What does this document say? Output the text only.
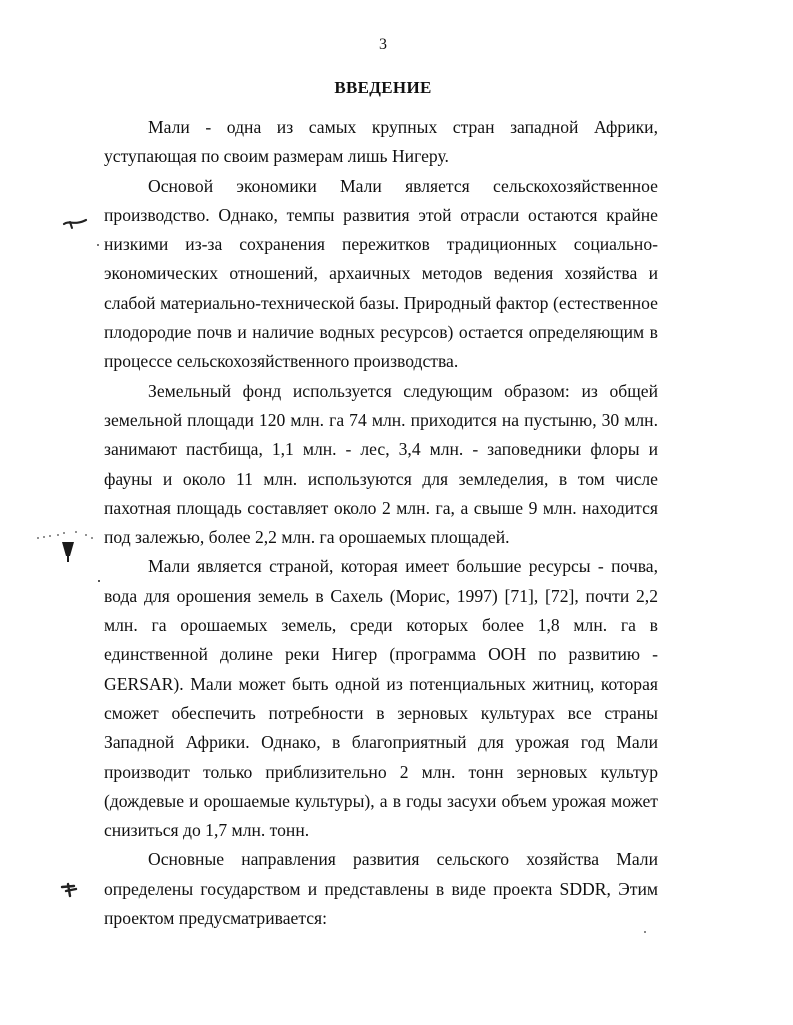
3
ВВЕДЕНИЕ

Мали - одна из самых крупных стран западной Африки, уступающая по своим размерам лишь Нигеру.

Основой экономики Мали является сельскохозяйственное производство. Однако, темпы развития этой отрасли остаются крайне низкими из-за сохранения пережитков традиционных социально-экономических отношений, архаичных методов ведения хозяйства и слабой материально-технической базы. Природный фактор (естественное плодородие почв и наличие водных ресурсов) остается определяющим в процессе сельскохозяйственного производства.

Земельный фонд используется следующим образом: из общей земельной площади 120 млн. га 74 млн. приходится на пустыню, 30 млн. занимают пастбища, 1,1 млн. - лес, 3,4 млн. - заповедники флоры и фауны и около 11 млн. используются для земледелия, в том числе пахотная площадь составляет около 2 млн. га, а свыше 9 млн. находится под залежью, более 2,2 млн. га орошаемых площадей.

Мали является страной, которая имеет большие ресурсы - почва, вода для орошения земель в Сахель (Морис, 1997) [71], [72], почти 2,2 млн. га орошаемых земель, среди которых более 1,8 млн. га в единственной долине реки Нигер (программа ООН по развитию - GERSAR). Мали может быть одной из потенциальных житниц, которая сможет обеспечить потребности в зерновых культурах все страны Западной Африки. Однако, в благоприятный для урожая год Мали производит только приблизительно 2 млн. тонн зерновых культур (дождевые и орошаемые культуры), а в годы засухи объем урожая может снизиться до 1,7 млн. тонн.

Основные направления развития сельского хозяйства Мали определены государством и представлены в виде проекта SDDR, Этим проектом предусматривается:
